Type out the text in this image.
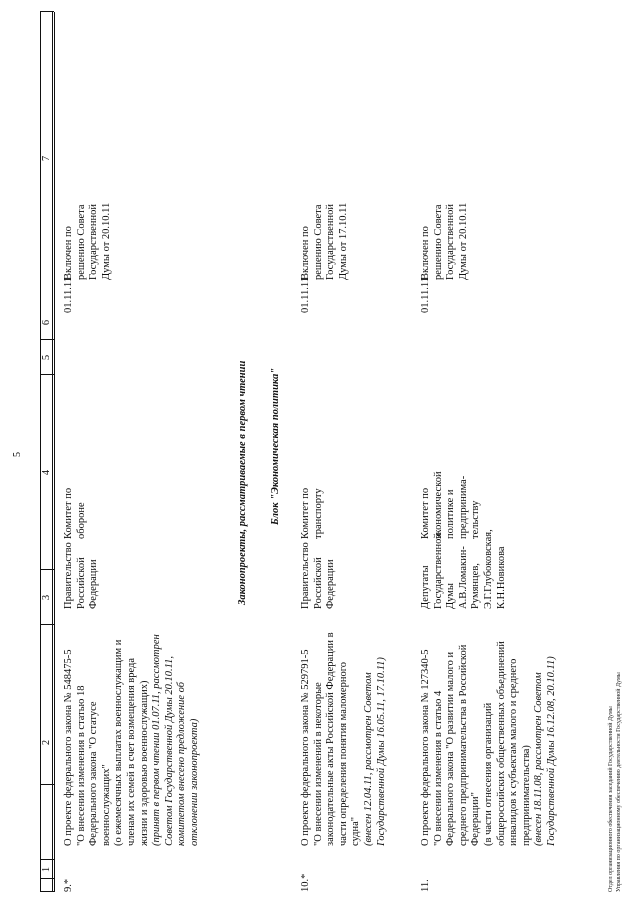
5
1
2
3
4
5
6
7
9.*
О проекте федерального закона № 548475-5 "О внесении изменения в статью 18 Федерального закона "О статусе военнослужащих" (о ежемесячных выплатах военнослужащим и членам их семей в счет возмещения вреда жизни и здоровью военнослужащих) (принят в первом чтении 01.07.11, рассмотрен Советом Государственной Думы 20.10.11, комитетом внесено предложение об отклонении законопроекта)
Правительство Российской Федерации
Комитет по обороне
01.11.11
Включен по решению Совета Государственной Думы от 20.10.11
10.*
О проекте федерального закона № 529791-5 "О внесении изменений в некоторые законодательные акты Российской Федерации в части определения понятия маломерного судна" (внесен 12.04.11, рассмотрен Советом Государственной Думы 16.05.11, 17.10.11)
Правительство Российской Федерации
Комитет по транспорту
01.11.11
Включен по решению Совета Государственной Думы от 17.10.11
11.
О проекте федерального закона № 127340-5 "О внесении изменения в статью 4 Федерального закона "О развитии малого и среднего предпринимательства в Российской Федерации" (в части отнесения организаций общероссийских общественных объединений инвалидов к субъектам малого и среднего предпринимательства) (внесен 18.11.08, рассмотрен Советом Государственной Думы 16.12.08, 20.10.11)
Депутаты Государственной Думы А.В.Ломакин- Румянцев, Э.Г.Глубоковская, К.Н.Новикова
Комитет по экономической политике и предпринима- тельству
01.11.11
Включен по решению Совета Государственной Думы от 20.10.11
Законопроекты, рассматриваемые в первом чтении Блок "Экономическая политика"
Отдел организационного обеспечения заседаний Государственной Думы Управления по организационному обеспечению деятельности Государственной Думы
